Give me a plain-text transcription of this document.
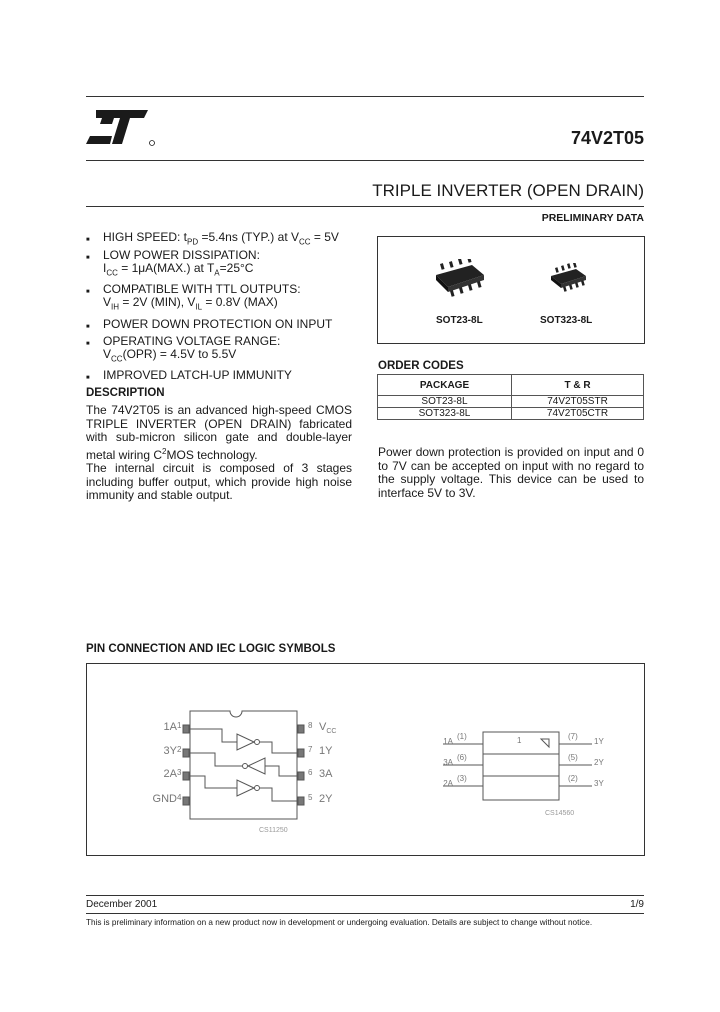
74V2T05
TRIPLE INVERTER (OPEN DRAIN)
PRELIMINARY DATA
■ HIGH SPEED: $t_{PD} =5.4ns$ (TYP.) at $V_{CC} = 5V$
■ LOW POWER DISSIPATION:
$I_{CC} = 1\mu A(MAX.)$ at $T_A=25^\circ C$
■ COMPATIBLE WITH TTL OUTPUTS:
$V_{IH} = 2V$ (MIN), $V_{IL} = 0.8V$ (MAX)
■ POWER DOWN PROTECTION ON INPUT
■ OPERATING VOLTAGE RANGE:
$V_{CC}(OPR) = 4.5V$ to 5.5V
■ IMPROVED LATCH-UP IMMUNITY
DESCRIPTION
The 74V2T05 is an advanced high-speed CMOS TRIPLE INVERTER (OPEN DRAIN) fabricated with sub-micron silicon gate and double-layer metal wiring $C^2MOS$ technology.
The internal circuit is composed of 3 stages including buffer output, which provide high noise immunity and stable output.
SOT23-8L	SOT323-8L
ORDER CODES
PACKAGE	T & R
SOT23-8L	74V2T05STR
SOT323-8L	74V2T05CTR
Power down protection is provided on input and 0 to 7V can be accepted on input with no regard to the supply voltage. This device can be used to interface 5V to 3V.
PIN CONNECTION AND IEC LOGIC SYMBOLS
1A
3Y
2A
GND
1
2
3
4
8
7
6
5
$V_{CC}$
1Y
3A
2Y
CS11250
1A
3A
2A
(1)
(6)
(3)
1	(7)
(5)
(2)
1Y
2Y
3Y
CS14560
December 2001	1/9
This is preliminary information on a new product now in development or undergoing evaluation. Details are subject to change without notice.
